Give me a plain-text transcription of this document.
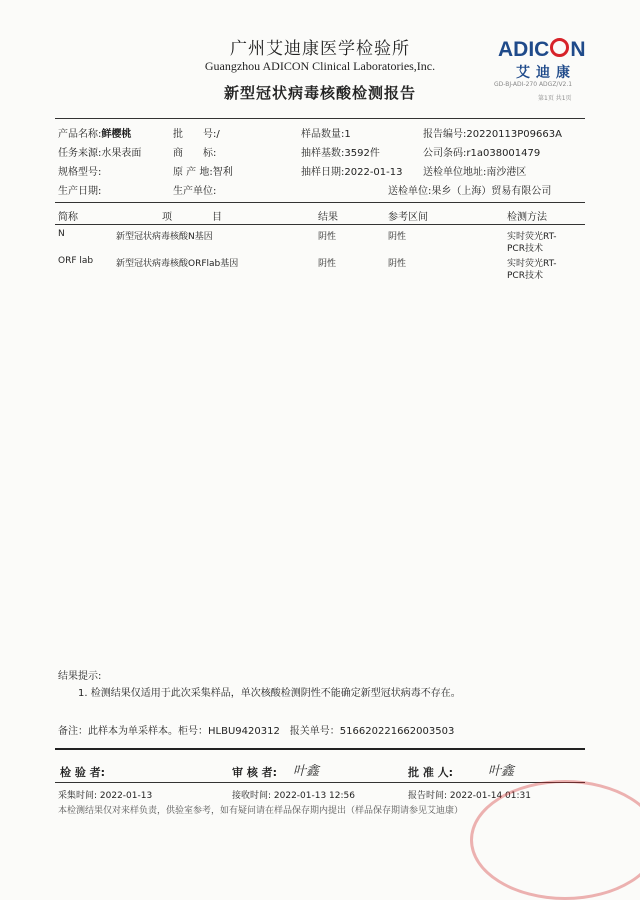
广州艾迪康医学检验所
Guangzhou ADICON Clinical Laboratories,Inc.
新型冠状病毒核酸检测报告
ADIC N
艾迪康
GD-BJ-ADI-270 ADGZ/V2.1
第1页 共1页
产品名称:鲜樱桃	批　　号:/	样品数量:1	报告编号:20220113P09663A
任务来源:水果表面	商　　标:	抽样基数:3592件	公司条码:r1a038001479
规格型号:	原 产 地:智利	抽样日期:2022-01-13 送检单位地址:南沙港区
生产日期:	生产单位:	送检单位:果乡（上海）贸易有限公司
简称	项	目	结果	参考区间	检测方法
N	新型冠状病毒核酸N基因	阴性	阴性	实时荧光RT-
PCR技术
ORF lab	新型冠状病毒核酸ORFlab基因	阴性	阴性	实时荧光RT-
PCR技术
结果提示:
1. 检测结果仅适用于此次采集样品，单次核酸检测阴性不能确定新型冠状病毒不存在。
备注：此样本为单采样本。柜号：HLBU9420312　报关单号：516620221662003503
检 验 者:	审 核 者: 叶鑫	批 准 人:	叶鑫
采集时间: 2022-01-13	接收时间: 2022-01-13 12:56	报告时间: 2022-01-14 01:31
本检测结果仅对来样负责，供验室参考，如有疑问请在样品保存期内提出（样品保存期请参见艾迪康）
